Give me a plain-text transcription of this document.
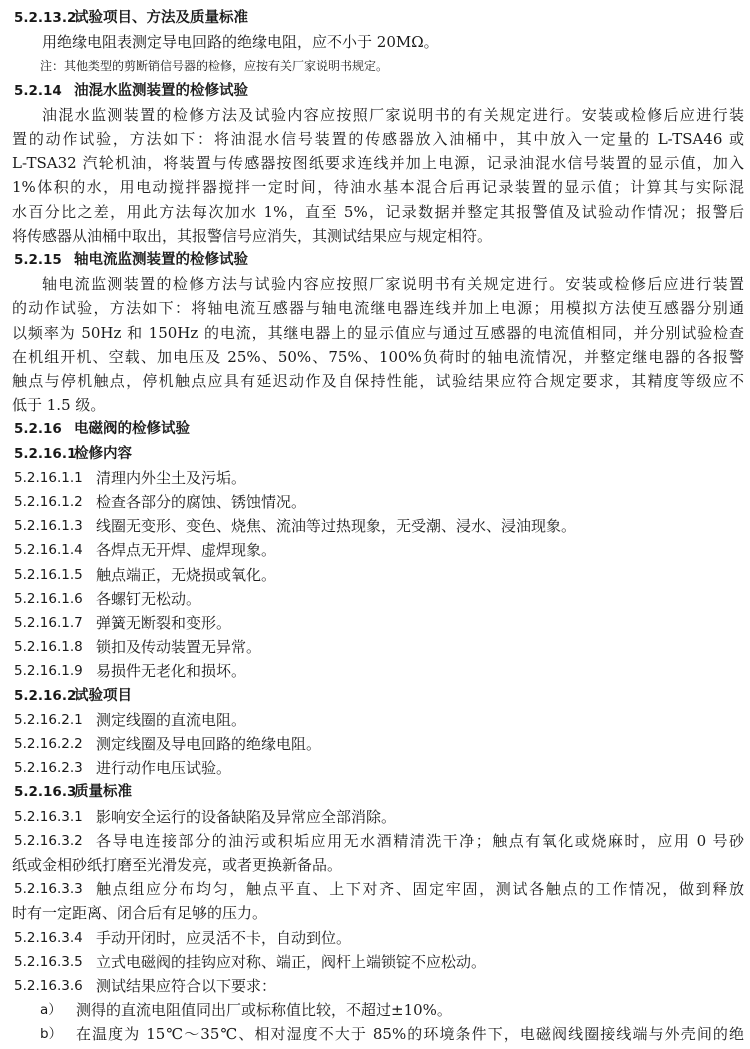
5.2.13.2
试验项目、方法及质量标准
用绝缘电阻表测定导电回路的绝缘电阻，应不小于 20MΩ。
注：其他类型的剪断销信号器的检修，应按有关厂家说明书规定。
5.2.14 油混水监测装置的检修试验
油混水监测装置的检修方法及试验内容应按照厂家说明书的有关规定进行。安装或检修后应进行装
置的动作试验，方法如下：将油混水信号装置的传感器放入油桶中，其中放入一定量的 L-TSA46 或
L-TSA32 汽轮机油，将装置与传感器按图纸要求连线并加上电源，记录油混水信号装置的显示值，加入
1%体积的水，用电动搅拌器搅拌一定时间，待油水基本混合后再记录装置的显示值；计算其与实际混
水百分比之差，用此方法每次加水 1%，直至 5%，记录数据并整定其报警值及试验动作情况；报警后
将传感器从油桶中取出，其报警信号应消失，其测试结果应与规定相符。
5.2.15 轴电流监测装置的检修试验
轴电流监测装置的检修方法与试验内容应按照厂家说明书有关规定进行。安装或检修后应进行装置
的动作试验，方法如下：将轴电流互感器与轴电流继电器连线并加上电源；用模拟方法使互感器分别通
以频率为 50Hz 和 150Hz 的电流，其继电器上的显示值应与通过互感器的电流值相同，并分别试验检查
在机组开机、空载、加电压及 25%、50%、75%、100%负荷时的轴电流情况，并整定继电器的各报警
触点与停机触点，停机触点应具有延迟动作及自保持性能，试验结果应符合规定要求，其精度等级应不
低于 1.5 级。
5.2.16 电磁阀的检修试验
5.2.16.1
检修内容
5.2.16.1.1 清理内外尘土及污垢。
5.2.16.1.2 检查各部分的腐蚀、锈蚀情况。
5.2.16.1.3 线圈无变形、变色、烧焦、流油等过热现象，无受潮、浸水、浸油现象。
5.2.16.1.4 各焊点无开焊、虚焊现象。
5.2.16.1.5 触点端正，无烧损或氧化。
5.2.16.1.6 各螺钉无松动。
5.2.16.1.7 弹簧无断裂和变形。
5.2.16.1.8 锁扣及传动装置无异常。
5.2.16.1.9 易损件无老化和损坏。
5.2.16.2
试验项目
5.2.16.2.1 测定线圈的直流电阻。
5.2.16.2.2 测定线圈及导电回路的绝缘电阻。
5.2.16.2.3 进行动作电压试验。
5.2.16.3
质量标准
5.2.16.3.1 影响安全运行的设备缺陷及异常应全部消除。
5.2.16.3.2 各导电连接部分的油污或积垢应用无水酒精清洗干净；触点有氧化或烧麻时，应用 0 号砂
纸或金相砂纸打磨至光滑发亮，或者更换新备品。
5.2.16.3.3 触点组应分布均匀，触点平直、上下对齐、固定牢固，测试各触点的工作情况，做到释放
时有一定距离、闭合后有足够的压力。
5.2.16.3.4 手动开闭时，应灵活不卡，自动到位。
5.2.16.3.5 立式电磁阀的挂钩应对称、端正，阀杆上端锁锭不应松动。
5.2.16.3.6 测试结果应符合以下要求：
a） 测得的直流电阻值同出厂或标称值比较，不超过±10%。
b） 在温度为 15℃～35℃、相对湿度不大于 85%的环境条件下，电磁阀线圈接线端与外壳间的绝
